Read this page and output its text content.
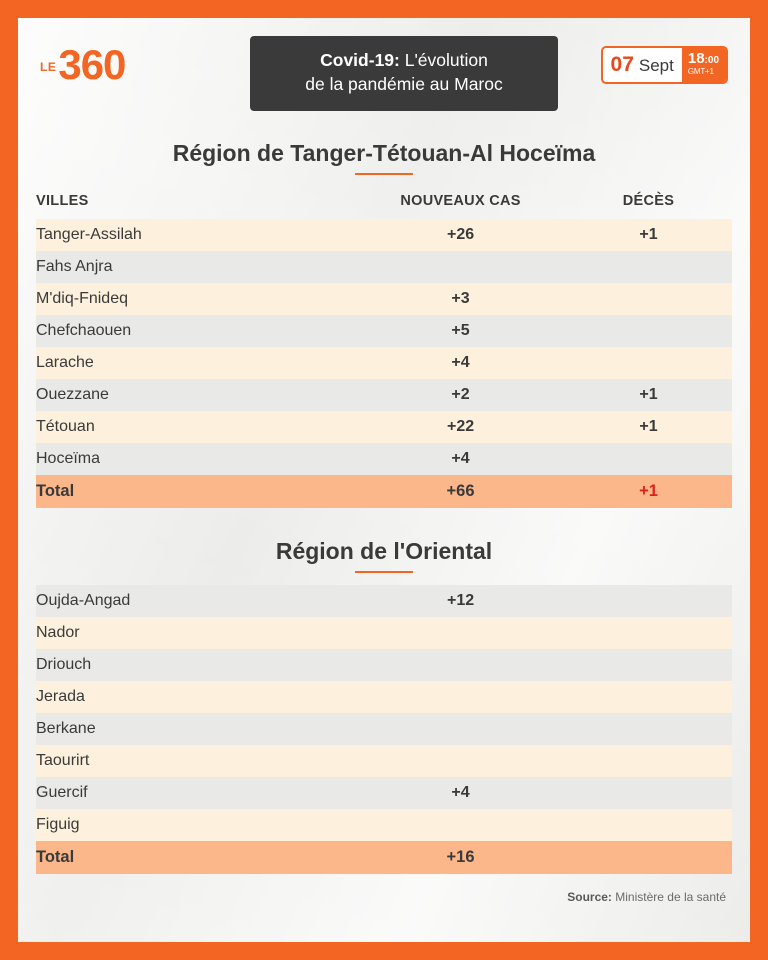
LE 360	Covid-19: L'évolution
de la pandémie au Maroc
07 Sept 18:00
GMT+1
Région de Tanger-Tétouan-Al Hoceïma
VILLES	NOUVEAUX CAS	DÉCÈS
Tanger-Assilah	+26	+1
Fahs Anjra		
M'diq-Fnideq	+3	
Chefchaouen	+5	
Larache	+4	
Ouezzane	+2	+1
Tétouan	+22	+1
Hoceïma	+4	
Total	+66	+1
Région de l'Oriental
Oujda-Angad	+12	
Nador		
Driouch		
Jerada		
Berkane		
Taourirt		
Guercif	+4	
Figuig		
Total	+16	
Source: Ministère de la santé
